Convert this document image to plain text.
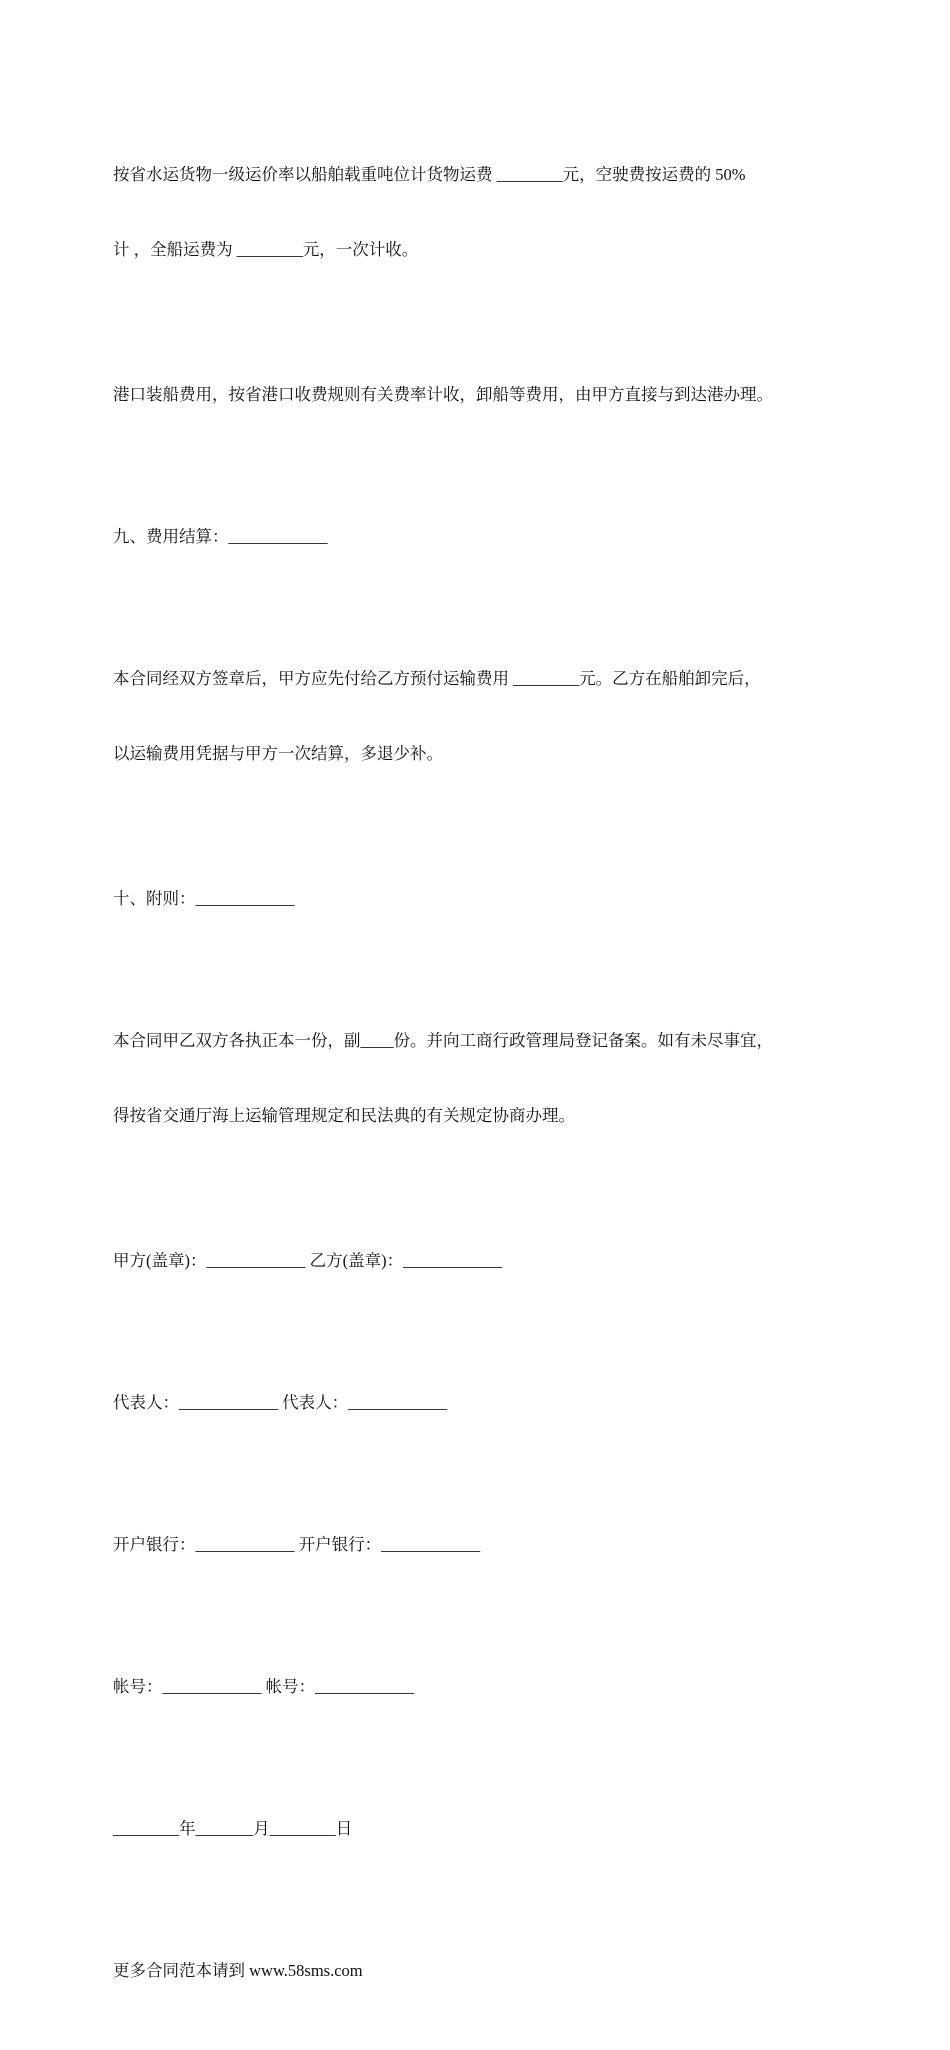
按省水运货物一级运价率以船舶载重吨位计货物运费 ________元，空驶费按运费的 50%

计 ，全船运费为 ________元，一次计收。

港口装船费用，按省港口收费规则有关费率计收，卸船等费用，由甲方直接与到达港办理。

九、费用结算：____________

本合同经双方签章后，甲方应先付给乙方预付运输费用 ________元。乙方在船舶卸完后，

以运输费用凭据与甲方一次结算，多退少补。

十、附则：____________

本合同甲乙双方各执正本一份，副____份。并向工商行政管理局登记备案。如有未尽事宜，

得按省交通厅海上运输管理规定和民法典的有关规定协商办理。

甲方(盖章)：____________ 乙方(盖章)：____________

代表人：____________ 代表人：____________

开户银行：____________ 开户银行：____________

帐号：____________ 帐号：____________

________年_______月________日

更多合同范本请到 www.58sms.com
